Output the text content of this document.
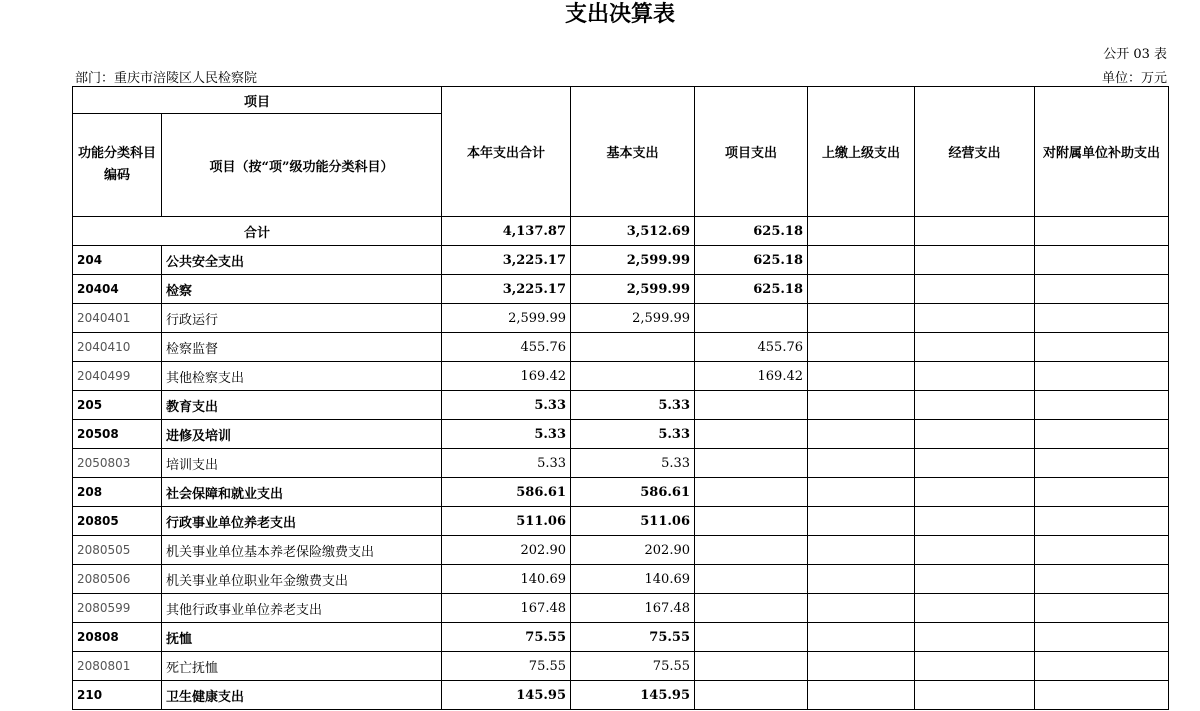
支出决算表
公开 03 表
部门：重庆市涪陵区人民检察院	单位：万元
项目		本年支出合计	基本支出	项目支出	上缴上级支出	经营支出	对附属单位补助支出
功能分类科目编码	项目（按“项”级功能分类科目）						
合计		4,137.87	3,512.69	625.18			
204	公共安全支出	3,225.17	2,599.99	625.18			
20404	检察	3,225.17	2,599.99	625.18			
2040401	行政运行	2,599.99	2,599.99				
2040410	检察监督	455.76		455.76			
2040499	其他检察支出	169.42		169.42			
205	教育支出	5.33	5.33				
20508	进修及培训	5.33	5.33				
2050803	培训支出	5.33	5.33				
208	社会保障和就业支出	586.61	586.61				
20805	行政事业单位养老支出	511.06	511.06				
2080505	机关事业单位基本养老保险缴费支出	202.90	202.90				
2080506	机关事业单位职业年金缴费支出	140.69	140.69				
2080599	其他行政事业单位养老支出	167.48	167.48				
20808	抚恤	75.55	75.55				
2080801	死亡抚恤	75.55	75.55				
210	卫生健康支出	145.95	145.95				
